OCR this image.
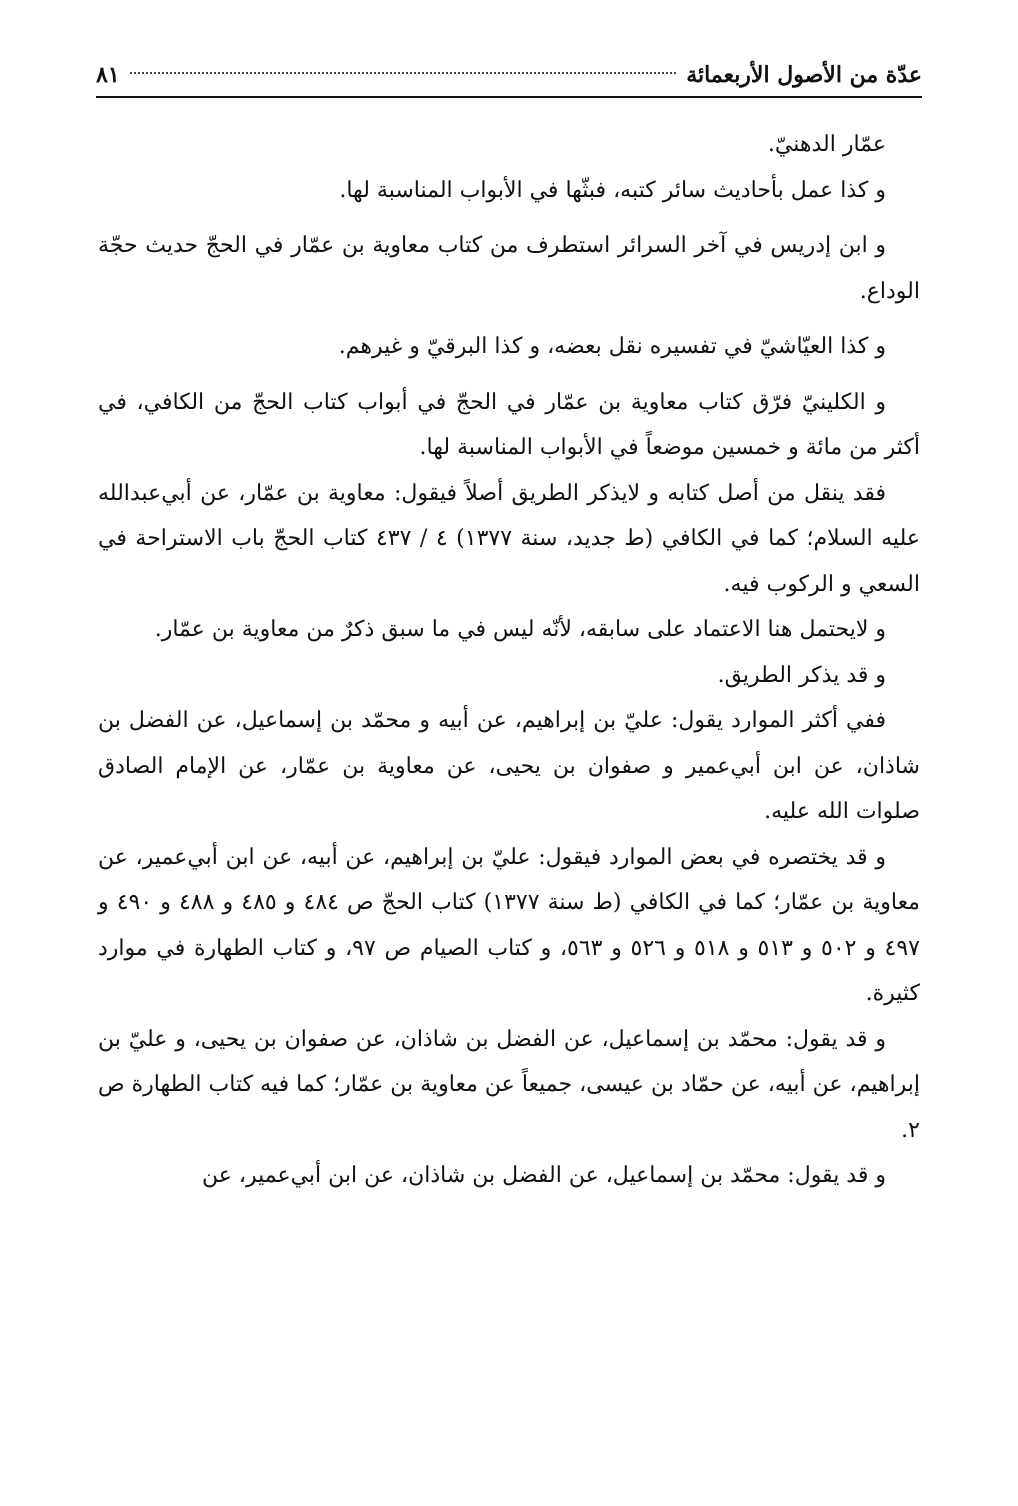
عدّة من الأصول الأربعمائة
٨١

عمّار الدهنيّ.

و كذا عمل بأحاديث سائر كتبه، فبثّها في الأبواب المناسبة لها.

و ابن إدريس في آخر السرائر استطرف من كتاب معاوية بن عمّار في الحجّ حديث حجّة الوداع.

و كذا العيّاشيّ في تفسيره نقل بعضه، و كذا البرقيّ و غيرهم.

و الكلينيّ فرّق كتاب معاوية بن عمّار في الحجّ في أبواب كتاب الحجّ من الكافي، في أكثر من مائة و خمسين موضعاً في الأبواب المناسبة لها.

فقد ينقل من أصل كتابه و لايذكر الطريق أصلاً فيقول: معاوية بن عمّار، عن أبي‌عبدالله عليه السلام؛ كما في الكافي (ط جديد، سنة ١٣٧٧) ٤ / ٤٣٧ كتاب الحجّ باب الاستراحة في السعي و الركوب فيه.

و لايحتمل هنا الاعتماد على سابقه، لأنّه ليس في ما سبق ذكرٌ من معاوية بن عمّار.

و قد يذكر الطريق.

ففي أكثر الموارد يقول: عليّ بن إبراهيم، عن أبيه و محمّد بن إسماعيل، عن الفضل بن شاذان، عن ابن أبي‌عمير و صفوان بن يحيى، عن معاوية بن عمّار، عن الإمام الصادق صلوات الله عليه.

و قد يختصره في بعض الموارد فيقول: عليّ بن إبراهيم، عن أبيه، عن ابن أبي‌عمير، عن معاوية بن عمّار؛ كما في الكافي (ط سنة ١٣٧٧) كتاب الحجّ ص ٤٨٤ و ٤٨٥ و ٤٨٨ و ٤٩٠ و ٤٩٧ و ٥٠٢ و ٥١٣ و ٥١٨ و ٥٢٦ و ٥٦٣، و كتاب الصيام ص ٩٧، و كتاب الطهارة في موارد كثيرة.

و قد يقول: محمّد بن إسماعيل، عن الفضل بن شاذان، عن صفوان بن يحيى، و عليّ بن إبراهيم، عن أبيه، عن حمّاد بن عيسى، جميعاً عن معاوية بن عمّار؛ كما فيه كتاب الطهارة ص ٢.

و قد يقول: محمّد بن إسماعيل، عن الفضل بن شاذان، عن ابن أبي‌عمير، عن
